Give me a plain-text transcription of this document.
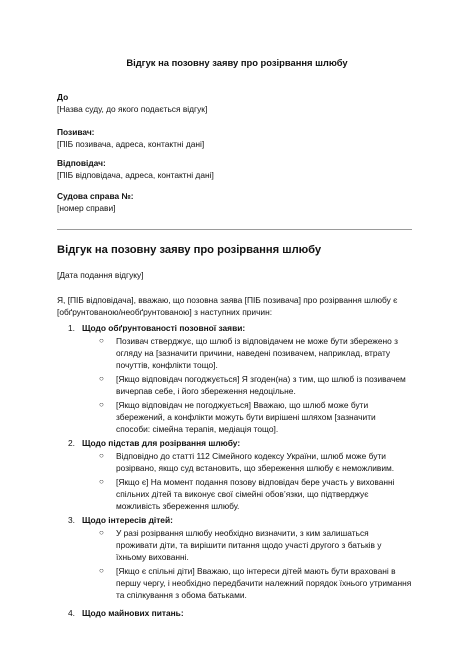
Відгук на позовну заяву про розірвання шлюбу
До
[Назва суду, до якого подається відгук]
Позивач:
[ПІБ позивача, адреса, контактні дані]
Відповідач:
[ПІБ відповідача, адреса, контактні дані]
Судова справа №:
[номер справи]
Відгук на позовну заяву про розірвання шлюбу
[Дата подання відгуку]
Я, [ПІБ відповідача], вважаю, що позовна заява [ПІБ позивача] про розірвання шлюбу є [обґрунтованою/необґрунтованою] з наступних причин:
1. Щодо обґрунтованості позовної заяви:
○ Позивач стверджує, що шлюб із відповідачем не може бути збережено з огляду на [зазначити причини, наведені позивачем, наприклад, втрату почуттів, конфлікти тощо].
○ [Якщо відповідач погоджується] Я згоден(на) з тим, що шлюб із позивачем вичерпав себе, і його збереження недоцільне.
○ [Якщо відповідач не погоджується] Вважаю, що шлюб може бути збережений, а конфлікти можуть бути вирішені шляхом [зазначити способи: сімейна терапія, медіація тощо].
2. Щодо підстав для розірвання шлюбу:
○ Відповідно до статті 112 Сімейного кодексу України, шлюб може бути розірвано, якщо суд встановить, що збереження шлюбу є неможливим.
○ [Якщо є] На момент подання позову відповідач бере участь у вихованні спільних дітей та виконує свої сімейні обов’язки, що підтверджує можливість збереження шлюбу.
3. Щодо інтересів дітей:
○ У разі розірвання шлюбу необхідно визначити, з ким залишаться проживати діти, та вирішити питання щодо участі другого з батьків у їхньому вихованні.
○ [Якщо є спільні діти] Вважаю, що інтереси дітей мають бути враховані в першу чергу, і необхідно передбачити належний порядок їхнього утримання та спілкування з обома батьками.
4. Щодо майнових питань:
